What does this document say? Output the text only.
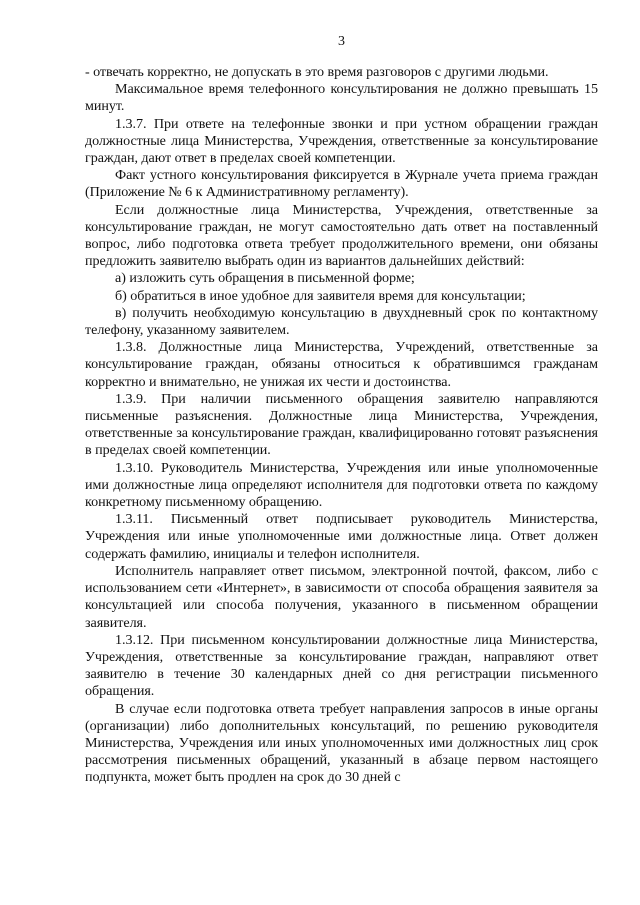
3

- отвечать корректно, не допускать в это время разговоров с другими людьми.

Максимальное время телефонного консультирования не должно превышать 15 минут.

1.3.7. При ответе на телефонные звонки и при устном обращении граждан должностные лица Министерства, Учреждения, ответственные за консультирование граждан, дают ответ в пределах своей компетенции.

Факт устного консультирования фиксируется в Журнале учета приема граждан (Приложение № 6 к Административному регламенту).

Если должностные лица Министерства, Учреждения, ответственные за консультирование граждан, не могут самостоятельно дать ответ на поставленный вопрос, либо подготовка ответа требует продолжительного времени, они обязаны предложить заявителю выбрать один из вариантов дальнейших действий:

а) изложить суть обращения в письменной форме;

б) обратиться в иное удобное для заявителя время для консультации;

в) получить необходимую консультацию в двухдневный срок по контактному телефону, указанному заявителем.

1.3.8. Должностные лица Министерства, Учреждений, ответственные за консультирование граждан, обязаны относиться к обратившимся гражданам корректно и внимательно, не унижая их чести и достоинства.

1.3.9. При наличии письменного обращения заявителю направляются письменные разъяснения. Должностные лица Министерства, Учреждения, ответственные за консультирование граждан, квалифицированно готовят разъяснения в пределах своей компетенции.

1.3.10. Руководитель Министерства, Учреждения или иные уполномоченные ими должностные лица определяют исполнителя для подготовки ответа по каждому конкретному письменному обращению.

1.3.11. Письменный ответ подписывает руководитель Министерства, Учреждения или иные уполномоченные ими должностные лица. Ответ должен содержать фамилию, инициалы и телефон исполнителя.

Исполнитель направляет ответ письмом, электронной почтой, факсом, либо с использованием сети «Интернет», в зависимости от способа обращения заявителя за консультацией или способа получения, указанного в письменном обращении заявителя.

1.3.12. При письменном консультировании должностные лица Министерства, Учреждения, ответственные за консультирование граждан, направляют ответ заявителю в течение 30 календарных дней со дня регистрации письменного обращения.

В случае если подготовка ответа требует направления запросов в иные органы (организации) либо дополнительных консультаций, по решению руководителя Министерства, Учреждения или иных уполномоченных ими должностных лиц срок рассмотрения письменных обращений, указанный в абзаце первом настоящего подпункта, может быть продлен на срок до 30 дней с
